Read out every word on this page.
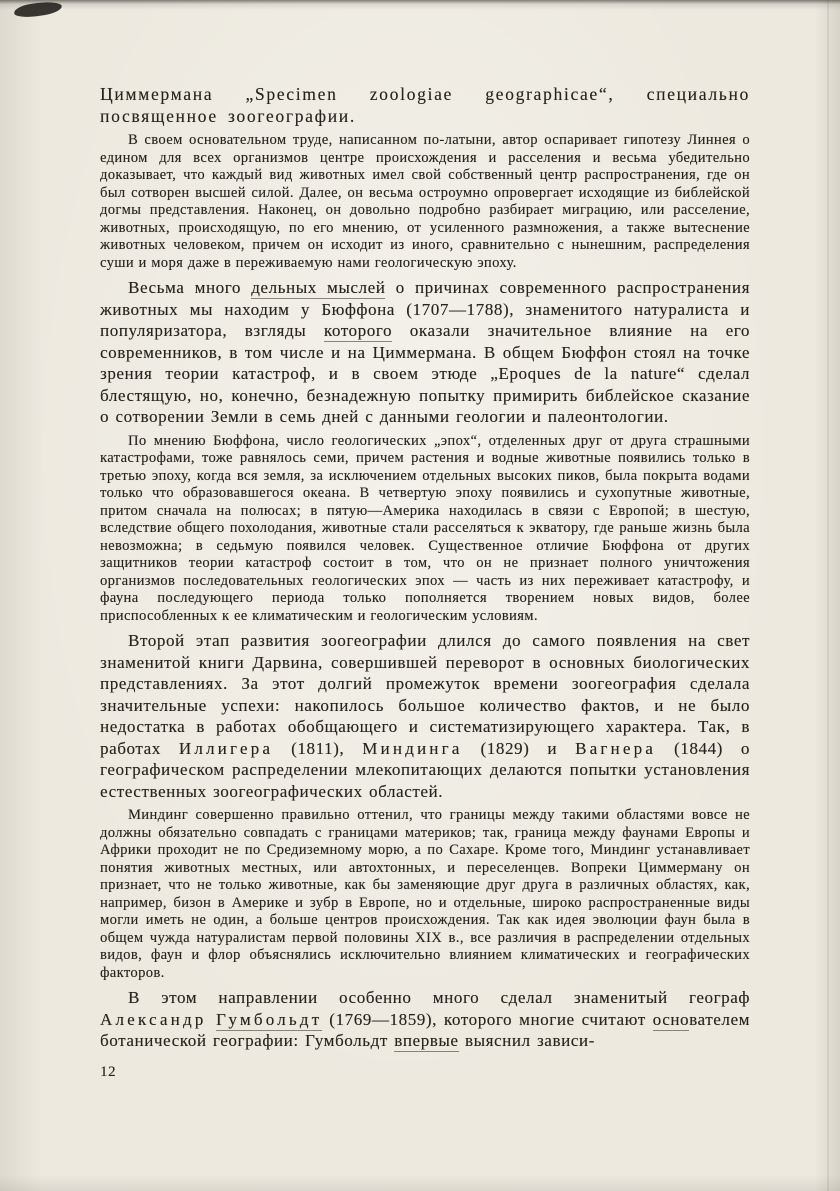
Циммермана „Specimen zoologiae geographicae“, специально посвященное зоогеографии.

В своем основательном труде, написанном по-латыни, автор оспаривает гипотезу Линнея о едином для всех организмов центре происхождения и расселения и весьма убедительно доказывает, что каждый вид животных имел свой собственный центр распространения, где он был сотворен высшей силой. Далее, он весьма остроумно опровергает исходящие из библейской догмы представления. Наконец, он довольно подробно разбирает миграцию, или расселение, животных, происходящую, по его мнению, от усиленного размножения, а также вытеснение животных человеком, причем он исходит из иного, сравнительно с нынешним, распределения суши и моря даже в переживаемую нами геологическую эпоху.

Весьма много дельных мыслей о причинах современного распространения животных мы находим у Бюффона (1707—1788), знаменитого натуралиста и популяризатора, взгляды которого оказали значительное влияние на его современников, в том числе и на Циммермана. В общем Бюффон стоял на точке зрения теории катастроф, и в своем этюде „Epoques de la nature“ сделал блестящую, но, конечно, безнадежную попытку примирить библейское сказание о сотворении Земли в семь дней с данными геологии и палеонтологии.

По мнению Бюффона, число геологических „эпох“, отделенных друг от друга страшными катастрофами, тоже равнялось семи, причем растения и водные животные появились только в третью эпоху, когда вся земля, за исключением отдельных высоких пиков, была покрыта водами только что образовавшегося океана. В четвертую эпоху появились и сухопутные животные, притом сначала на полюсах; в пятую—Америка находилась в связи с Европой; в шестую, вследствие общего похолодания, животные стали расселяться к экватору, где раньше жизнь была невозможна; в седьмую появился человек. Существенное отличие Бюффона от других защитников теории катастроф состоит в том, что он не признает полного уничтожения организмов последовательных геологических эпох — часть из них переживает катастрофу, и фауна последующего периода только пополняется творением новых видов, более приспособленных к ее климатическим и геологическим условиям.

Второй этап развития зоогеографии длился до самого появления на свет знаменитой книги Дарвина, совершившей переворот в основных биологических представлениях. За этот долгий промежуток времени зоогеография сделала значительные успехи: накопилось большое количество фактов, и не было недостатка в работах обобщающего и систематизирующего характера. Так, в работах Иллигера (1811), Миндинга (1829) и Вагнера (1844) о географическом распределении млекопитающих делаются попытки установления естественных зоогеографических областей.

Миндинг совершенно правильно оттенил, что границы между такими областями вовсе не должны обязательно совпадать с границами материков; так, граница между фаунами Европы и Африки проходит не по Средиземному морю, а по Сахаре. Кроме того, Миндинг устанавливает понятия животных местных, или автохтонных, и переселенцев. Вопреки Циммерману он признает, что не только животные, как бы заменяющие друг друга в различных областях, как, например, бизон в Америке и зубр в Европе, но и отдельные, широко распространенные виды могли иметь не один, а больше центров происхождения. Так как идея эволюции фаун была в общем чужда натуралистам первой половины XIX в., все различия в распределении отдельных видов, фаун и флор объяснялись исключительно влиянием климатических и географических факторов.

В этом направлении особенно много сделал знаменитый географ Александр Гумбольдт (1769—1859), которого многие считают основателем ботанической географии: Гумбольдт впервые выяснил зависи-

12
